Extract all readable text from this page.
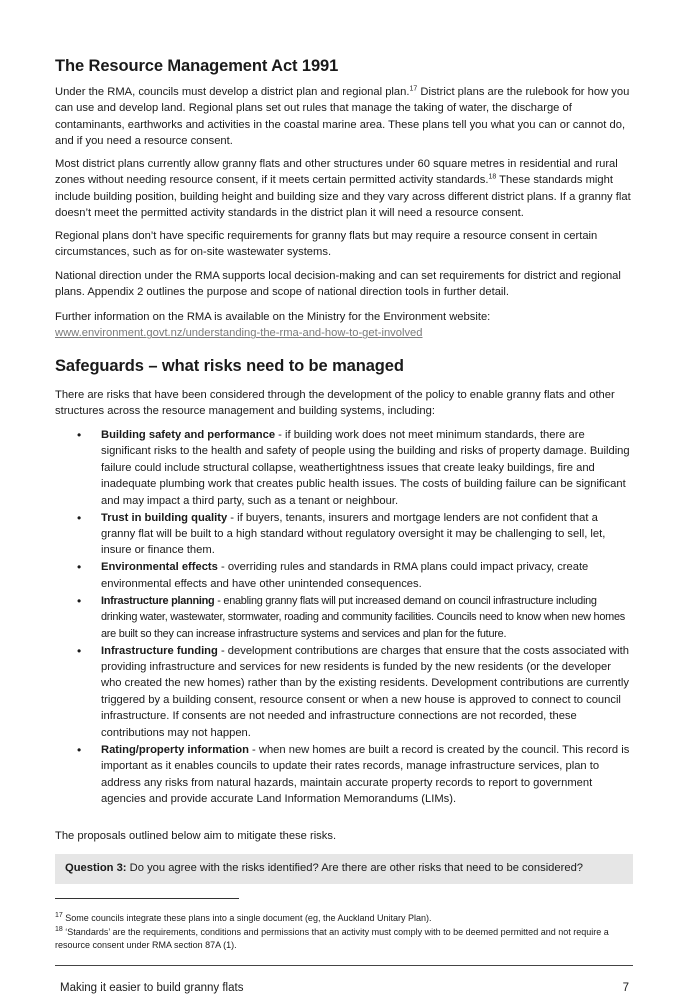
The Resource Management Act 1991

Under the RMA, councils must develop a district plan and regional plan.$^{17}$ District plans are the rulebook for how you can use and develop land. Regional plans set out rules that manage the taking of water, the discharge of contaminants, earthworks and activities in the coastal marine area. These plans tell you what you can or cannot do, and if you need a resource consent.

Most district plans currently allow granny flats and other structures under 60 square metres in residential and rural zones without needing resource consent, if it meets certain permitted activity standards.$^{18}$ These standards might include building position, building height and building size and they vary across different district plans. If a granny flat doesn’t meet the permitted activity standards in the district plan it will need a resource consent.

Regional plans don’t have specific requirements for granny flats but may require a resource consent in certain circumstances, such as for on-site wastewater systems.

National direction under the RMA supports local decision-making and can set requirements for district and regional plans. Appendix 2 outlines the purpose and scope of national direction tools in further detail.

Further information on the RMA is available on the Ministry for the Environment website:
www.environment.govt.nz/understanding-the-rma-and-how-to-get-involved

Safeguards – what risks need to be managed

There are risks that have been considered through the development of the policy to enable granny flats and other structures across the resource management and building systems, including:

• Building safety and performance - if building work does not meet minimum standards, there are significant risks to the health and safety of people using the building and risks of property damage. Building failure could include structural collapse, weathertightness issues that create leaky buildings, fire and inadequate plumbing work that creates public health issues. The costs of building failure can be significant and may impact a third party, such as a tenant or neighbour.
• Trust in building quality - if buyers, tenants, insurers and mortgage lenders are not confident that a granny flat will be built to a high standard without regulatory oversight it may be challenging to sell, let, insure or finance them.
• Environmental effects - overriding rules and standards in RMA plans could impact privacy, create environmental effects and have other unintended consequences.
• Infrastructure planning - enabling granny flats will put increased demand on council infrastructure including drinking water, wastewater, stormwater, roading and community facilities. Councils need to know when new homes are built so they can increase infrastructure systems and services and plan for the future.
• Infrastructure funding - development contributions are charges that ensure that the costs associated with providing infrastructure and services for new residents is funded by the new residents (or the developer who created the new homes) rather than by the existing residents. Development contributions are currently triggered by a building consent, resource consent or when a new house is approved to connect to council infrastructure. If consents are not needed and infrastructure connections are not recorded, these contributions may not happen.
• Rating/property information - when new homes are built a record is created by the council. This record is important as it enables councils to update their rates records, manage infrastructure services, plan to address any risks from natural hazards, maintain accurate property records to report to government agencies and provide accurate Land Information Memorandums (LIMs).

The proposals outlined below aim to mitigate these risks.

Question 3: Do you agree with the risks identified? Are there are other risks that need to be considered?

$^{17}$ Some councils integrate these plans into a single document (eg, the Auckland Unitary Plan).

$^{18}$ ‘Standards’ are the requirements, conditions and permissions that an activity must comply with to be deemed permitted and not require a resource consent under RMA section 87A (1).

Making it easier to build granny flats	7
